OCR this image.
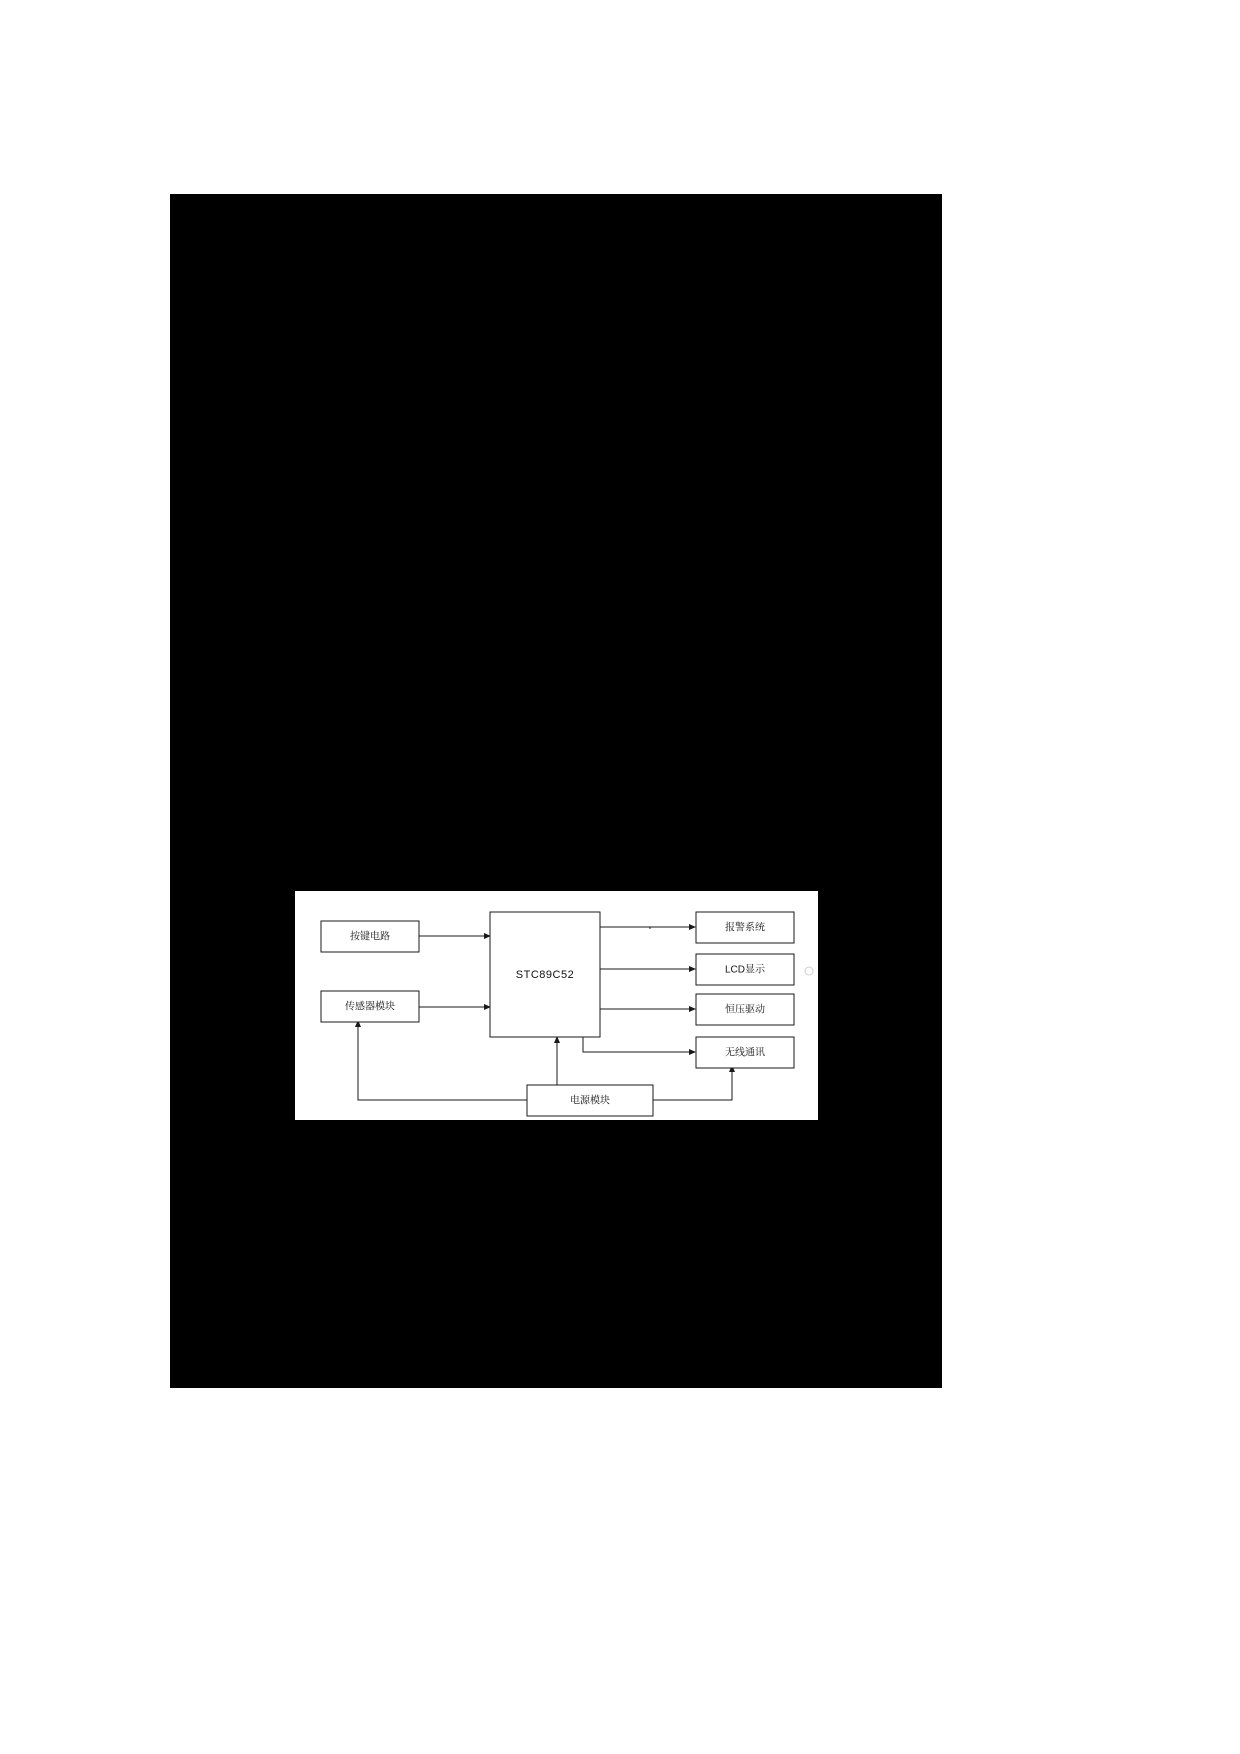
按键电路
传感器模块
STC89C52
报警系统
LCD显示
恒压驱动
无线通讯
电源模块
